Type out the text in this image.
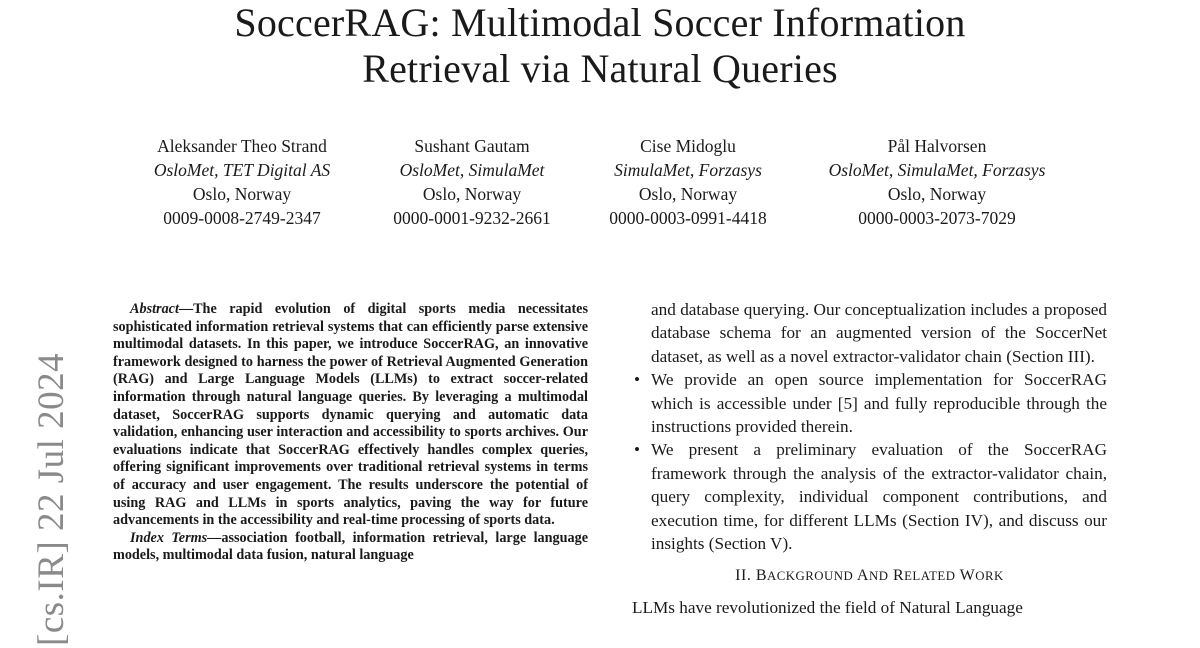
SoccerRAG: Multimodal Soccer Information
Retrieval via Natural Queries
Aleksander Theo Strand
OsloMet, TET Digital AS
Oslo, Norway
0009-0008-2749-2347
Sushant Gautam
OsloMet, SimulaMet
Oslo, Norway
0000-0001-9232-2661
Cise Midoglu
SimulaMet, Forzasys
Oslo, Norway
0000-0003-0991-4418
Pål Halvorsen
OsloMet, SimulaMet, Forzasys
Oslo, Norway
0000-0003-2073-7029
[cs.IR] 22 Jul 2024

Abstract—The rapid evolution of digital sports media necessitates sophisticated information retrieval systems that can efficiently parse extensive multimodal datasets. In this paper, we introduce SoccerRAG, an innovative framework designed to harness the power of Retrieval Augmented Generation (RAG) and Large Language Models (LLMs) to extract soccer-related information through natural language queries. By leveraging a multimodal dataset, SoccerRAG supports dynamic querying and automatic data validation, enhancing user interaction and accessibility to sports archives. Our evaluations indicate that SoccerRAG effectively handles complex queries, offering significant improvements over traditional retrieval systems in terms of accuracy and user engagement. The results underscore the potential of using RAG and LLMs in sports analytics, paving the way for future advancements in the accessibility and real-time processing of sports data.

Index Terms—association football, information retrieval, large language models, multimodal data fusion, natural language

and database querying. Our conceptualization includes a proposed database schema for an augmented version of the SoccerNet dataset, as well as a novel extractor-validator chain (Section III).

• We provide an open source implementation for SoccerRAG which is accessible under [5] and fully reproducible through the instructions provided therein.
• We present a preliminary evaluation of the SoccerRAG framework through the analysis of the extractor-validator chain, query complexity, individual component contributions, and execution time, for different LLMs (Section IV), and discuss our insights (Section V).
II. BACKGROUND AND RELATED WORK

LLMs have revolutionized the field of Natural Language
